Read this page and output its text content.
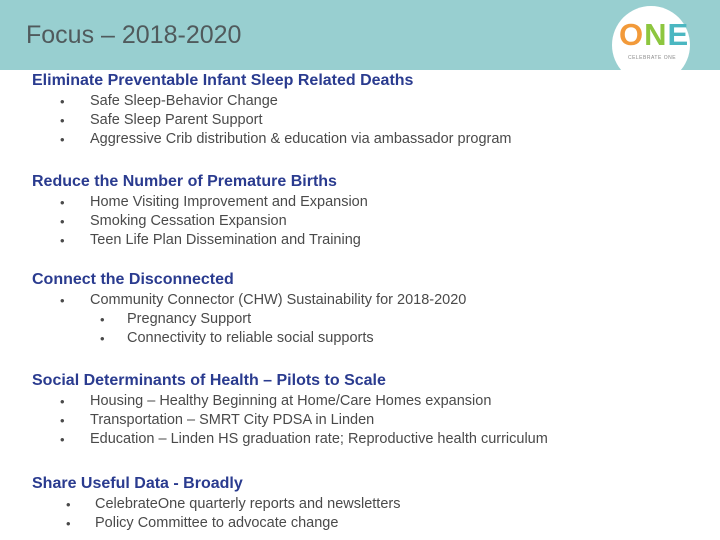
Focus – 2018-2020	ONE
CELEBRATE ONE
Eliminate Preventable Infant Sleep Related Deaths
• Safe Sleep-Behavior Change
• Safe Sleep Parent Support
• Aggressive Crib distribution & education via ambassador program
Reduce the Number of Premature Births
• Home Visiting Improvement and Expansion
• Smoking Cessation Expansion
• Teen Life Plan Dissemination and Training
Connect the Disconnected
• Community Connector (CHW) Sustainability for 2018-2020
• Pregnancy Support
• Connectivity to reliable social supports
Social Determinants of Health – Pilots to Scale
• Housing – Healthy Beginning at Home/Care Homes expansion
• Transportation – SMRT City PDSA in Linden
• Education – Linden HS graduation rate; Reproductive health curriculum
Share Useful Data - Broadly
• CelebrateOne quarterly reports and newsletters
• Policy Committee to advocate change
